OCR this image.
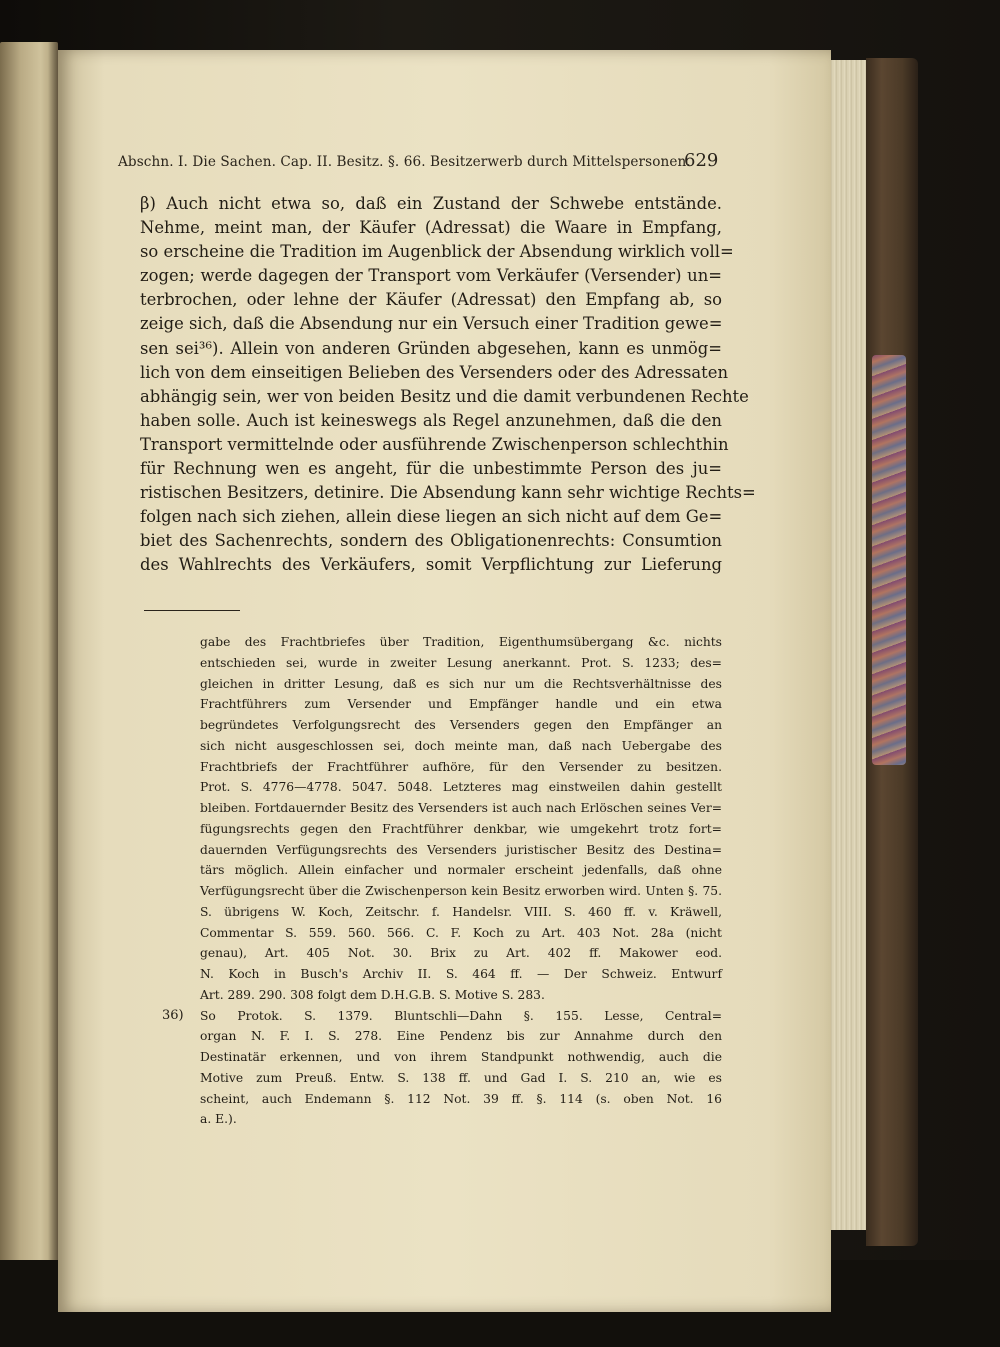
Abschn. I. Die Sachen. Cap. II. Besitz. §. 66. Besitzerwerb durch Mittelspersonen.
629
β) Auch nicht etwa so, daß ein Zustand der Schwebe entstände.
Nehme, meint man, der Käufer (Adressat) die Waare in Empfang,
so erscheine die Tradition im Augenblick der Absendung wirklich voll=
zogen; werde dagegen der Transport vom Verkäufer (Versender) un=
terbrochen, oder lehne der Käufer (Adressat) den Empfang ab, so
zeige sich, daß die Absendung nur ein Versuch einer Tradition gewe=
sen sei³⁶). Allein von anderen Gründen abgesehen, kann es unmög=
lich von dem einseitigen Belieben des Versenders oder des Adressaten
abhängig sein, wer von beiden Besitz und die damit verbundenen Rechte
haben solle. Auch ist keineswegs als Regel anzunehmen, daß die den
Transport vermittelnde oder ausführende Zwischenperson schlechthin
für Rechnung wen es angeht, für die unbestimmte Person des ju=
ristischen Besitzers, detinire. Die Absendung kann sehr wichtige Rechts=
folgen nach sich ziehen, allein diese liegen an sich nicht auf dem Ge=
biet des Sachenrechts, sondern des Obligationenrechts: Consumtion
des Wahlrechts des Verkäufers, somit Verpflichtung zur Lieferung
gabe des Frachtbriefes über Tradition, Eigenthumsübergang &c. nichts
entschieden sei, wurde in zweiter Lesung anerkannt. Prot. S. 1233; des=
gleichen in dritter Lesung, daß es sich nur um die Rechtsverhältnisse des
Frachtführers zum Versender und Empfänger handle und ein etwa
begründetes Verfolgungsrecht des Versenders gegen den Empfänger an
sich nicht ausgeschlossen sei, doch meinte man, daß nach Uebergabe des
Frachtbriefs der Frachtführer aufhöre, für den Versender zu besitzen.
Prot. S. 4776—4778. 5047. 5048. Letzteres mag einstweilen dahin gestellt
bleiben. Fortdauernder Besitz des Versenders ist auch nach Erlöschen seines Ver=
fügungsrechts gegen den Frachtführer denkbar, wie umgekehrt trotz fort=
dauernden Verfügungsrechts des Versenders juristischer Besitz des Destina=
tärs möglich. Allein einfacher und normaler erscheint jedenfalls, daß ohne
Verfügungsrecht über die Zwischenperson kein Besitz erworben wird. Unten §. 75.
S. übrigens W. Koch, Zeitschr. f. Handelsr. VIII. S. 460 ff. v. Kräwell,
Commentar S. 559. 560. 566. C. F. Koch zu Art. 403 Not. 28a (nicht
genau), Art. 405 Not. 30. Brix zu Art. 402 ff. Makower eod.
N. Koch in Busch's Archiv II. S. 464 ff. — Der Schweiz. Entwurf
Art. 289. 290. 308 folgt dem D.H.G.B. S. Motive S. 283.
36) So Protok. S. 1379. Bluntschli—Dahn §. 155. Lesse, Central=
organ N. F. I. S. 278. Eine Pendenz bis zur Annahme durch den
Destinatär erkennen, und von ihrem Standpunkt nothwendig, auch die
Motive zum Preuß. Entw. S. 138 ff. und Gad I. S. 210 an, wie es
scheint, auch Endemann §. 112 Not. 39 ff. §. 114 (s. oben Not. 16
a. E.).
